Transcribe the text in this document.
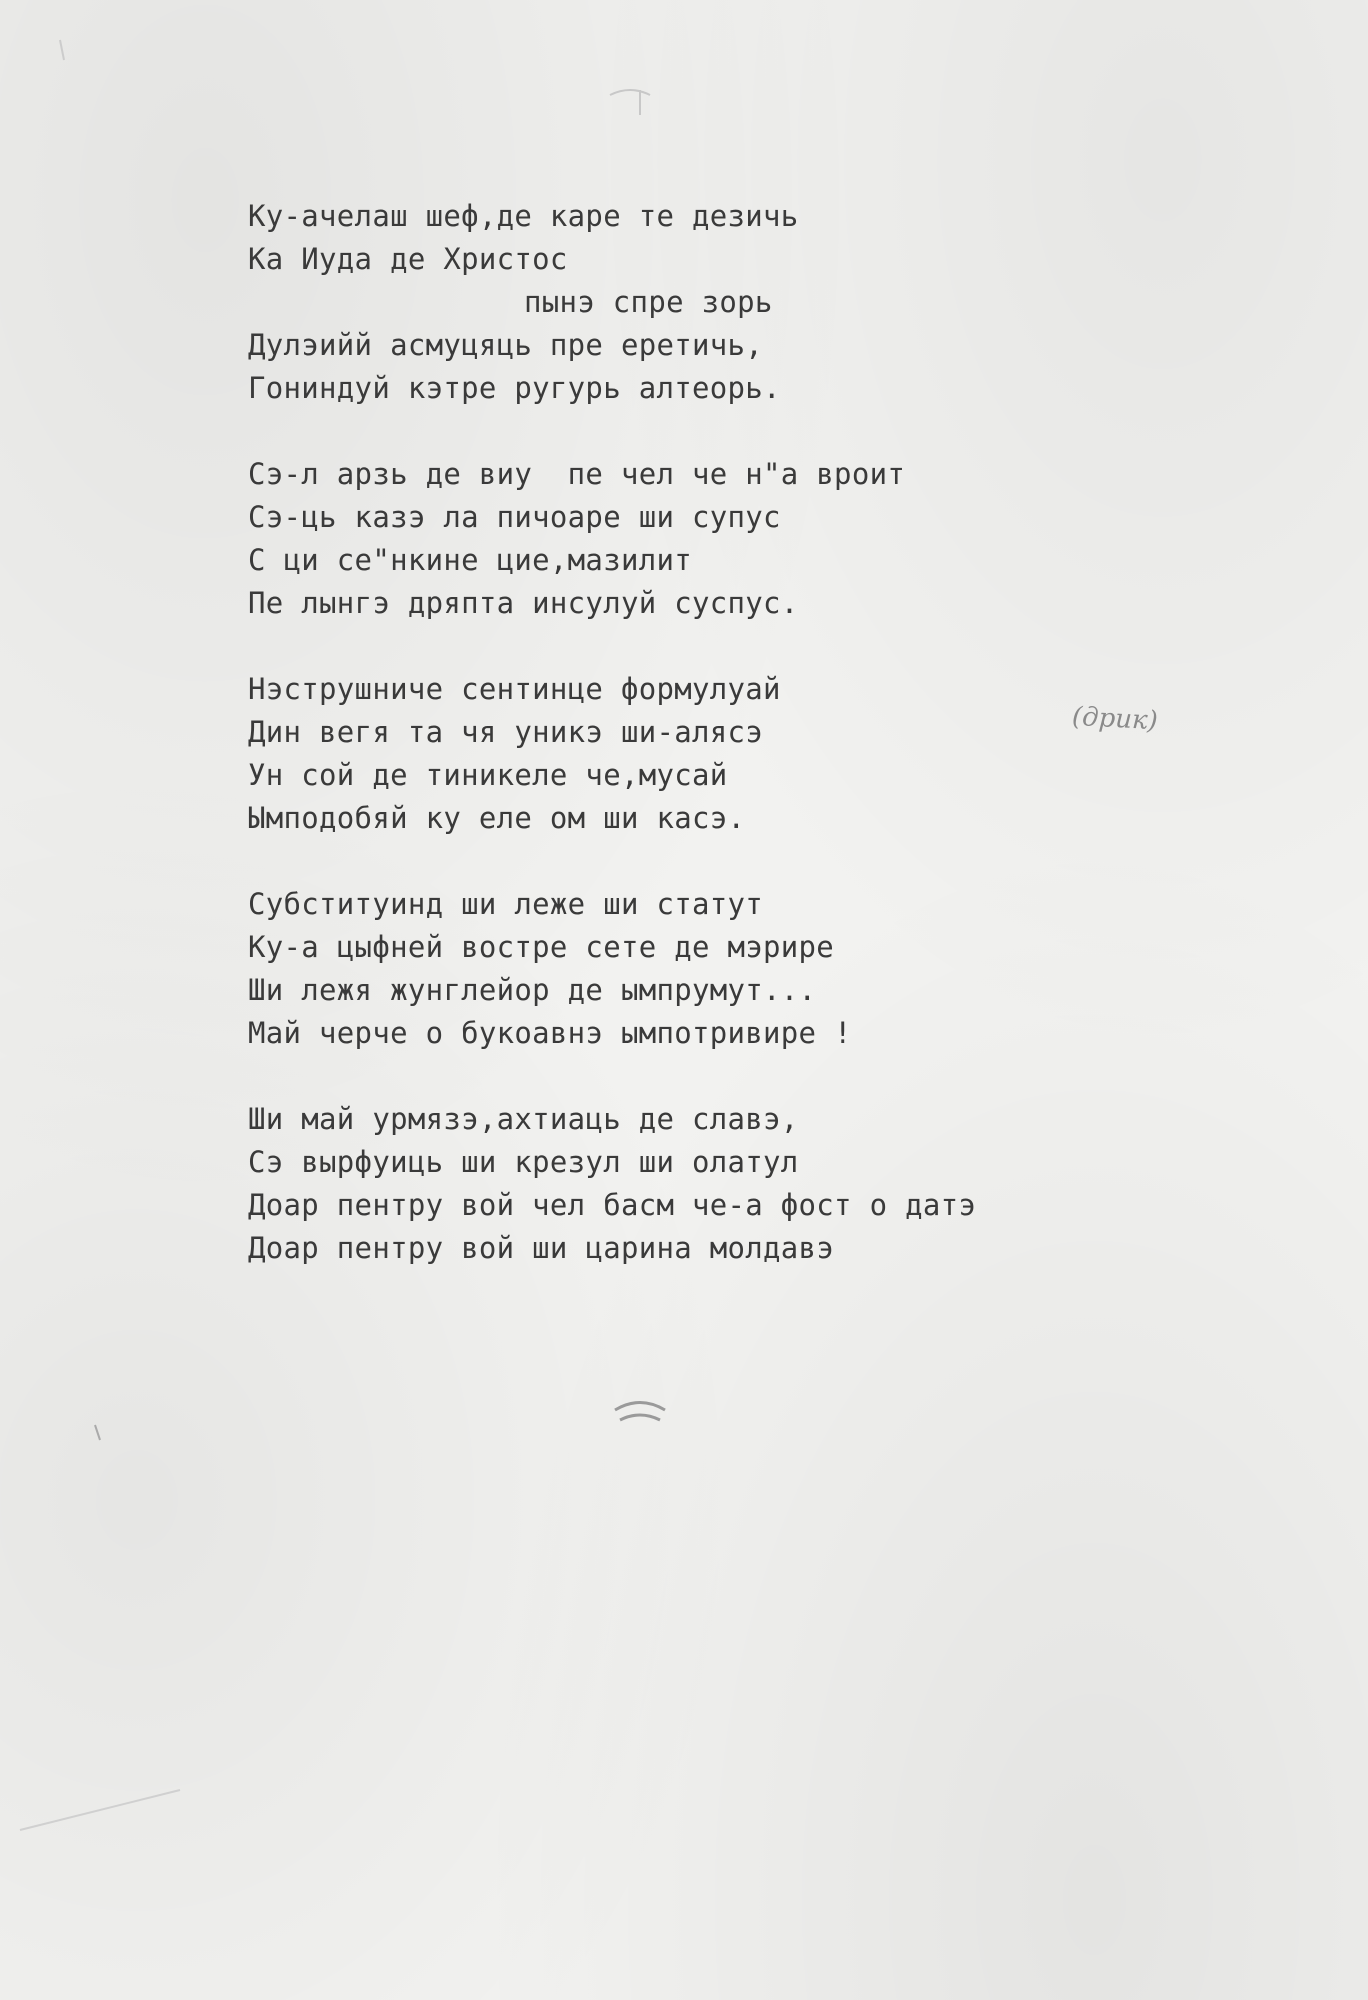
Ку-ачелаш шеф,де каре те дезичь
Ка Иуда де Христос
пынэ спре зорь
Дулэийй асмуцяць пре еретичь,
Гониндуй кэтре ругурь алтеорь.
Сэ-л арзь де виу  пе чел че н"а вроит
Сэ-ць казэ ла пичоаре ши супус
С ци се"нкине цие,мазилит
Пе лынгэ дряпта инсулуй суспус.
Нэструшниче сентинце формулуай
Дин вегя та чя уникэ ши-алясэ
Ун сой де тиникеле че,мусай
Ымподобяй ку еле ом ши касэ.
Субституинд ши леже ши статут
Ку-а цыфней вострe сете де мэрире
Ши лежя жунглейор де ымпрумут...
Май черче о букоавнэ ымпотривире !
Ши май урмязэ,ахтиаць де славэ,
Сэ выpфуиць ши крезул ши олатул
Доар пентру вой чел басм че-а фост о датэ
Доар пентру вой ши царина молдавэ
(дрик)
